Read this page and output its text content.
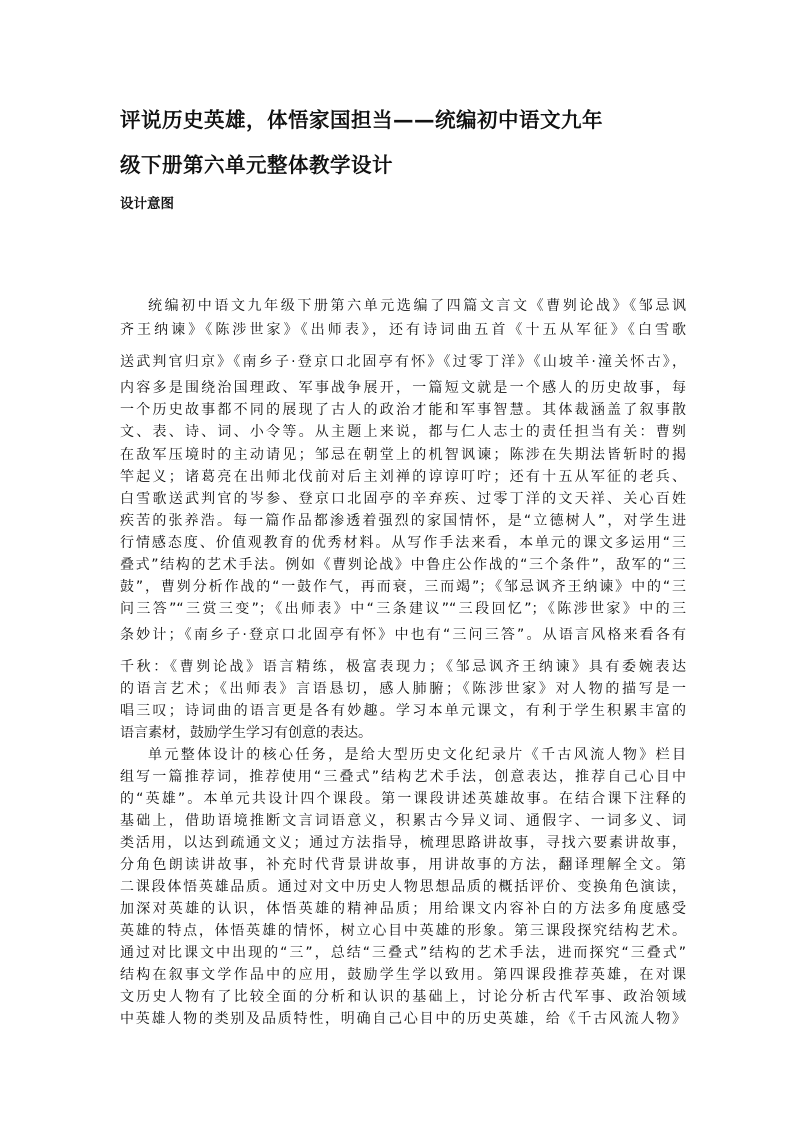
评说历史英雄，体悟家国担当——统编初中语文九年
级下册第六单元整体教学设计
设计意图

统编初中语文九年级下册第六单元选编了四篇文言文《曹刿论战》《邹忌讽

齐王纳谏》《陈涉世家》《出师表》，还有诗词曲五首《十五从军征》《白雪歌

送武判官归京》《南乡子·登京口北固亭有怀》《过零丁洋》《山坡羊·潼关怀古》，

内容多是围绕治国理政、军事战争展开，一篇短文就是一个感人的历史故事，每

一个历史故事都不同的展现了古人的政治才能和军事智慧。其体裁涵盖了叙事散

文、表、诗、词、小令等。从主题上来说，都与仁人志士的责任担当有关：曹刿

在敌军压境时的主动请见；邹忌在朝堂上的机智讽谏；陈涉在失期法皆斩时的揭

竿起义；诸葛亮在出师北伐前对后主刘禅的谆谆叮咛；还有十五从军征的老兵、

白雪歌送武判官的岑参、登京口北固亭的辛弃疾、过零丁洋的文天祥、关心百姓

疾苦的张养浩。每一篇作品都渗透着强烈的家国情怀，是“立德树人”，对学生进

行情感态度、价值观教育的优秀材料。从写作手法来看，本单元的课文多运用“三

叠式”结构的艺术手法。例如《曹刿论战》中鲁庄公作战的“三个条件”，敌军的“三

鼓”，曹刿分析作战的“一鼓作气，再而衰，三而竭”；《邹忌讽齐王纳谏》中的“三

问三答”“三赏三变”；《出师表》中“三条建议”“三段回忆”；《陈涉世家》中的三

条妙计；《南乡子·登京口北固亭有怀》中也有“三问三答”。从语言风格来看各有

千秋：《曹刿论战》语言精练，极富表现力；《邹忌讽齐王纳谏》具有委婉表达

的语言艺术；《出师表》言语恳切，感人肺腑；《陈涉世家》对人物的描写是一

唱三叹；诗词曲的语言更是各有妙趣。学习本单元课文，有利于学生积累丰富的

语言素材，鼓励学生学习有创意的表达。

单元整体设计的核心任务，是给大型历史文化纪录片《千古风流人物》栏目

组写一篇推荐词，推荐使用“三叠式”结构艺术手法，创意表达，推荐自己心目中

的“英雄”。本单元共设计四个课段。第一课段讲述英雄故事。在结合课下注释的

基础上，借助语境推断文言词语意义，积累古今异义词、通假字、一词多义、词

类活用，以达到疏通文义；通过方法指导，梳理思路讲故事，寻找六要素讲故事，

分角色朗读讲故事，补充时代背景讲故事，用讲故事的方法，翻译理解全文。第

二课段体悟英雄品质。通过对文中历史人物思想品质的概括评价、变换角色演读，

加深对英雄的认识，体悟英雄的精神品质；用给课文内容补白的方法多角度感受

英雄的特点，体悟英雄的情怀，树立心目中英雄的形象。第三课段探究结构艺术。

通过对比课文中出现的“三”，总结“三叠式”结构的艺术手法，进而探究“三叠式”

结构在叙事文学作品中的应用，鼓励学生学以致用。第四课段推荐英雄，在对课

文历史人物有了比较全面的分析和认识的基础上，讨论分析古代军事、政治领域

中英雄人物的类别及品质特性，明确自己心目中的历史英雄，给《千古风流人物》
